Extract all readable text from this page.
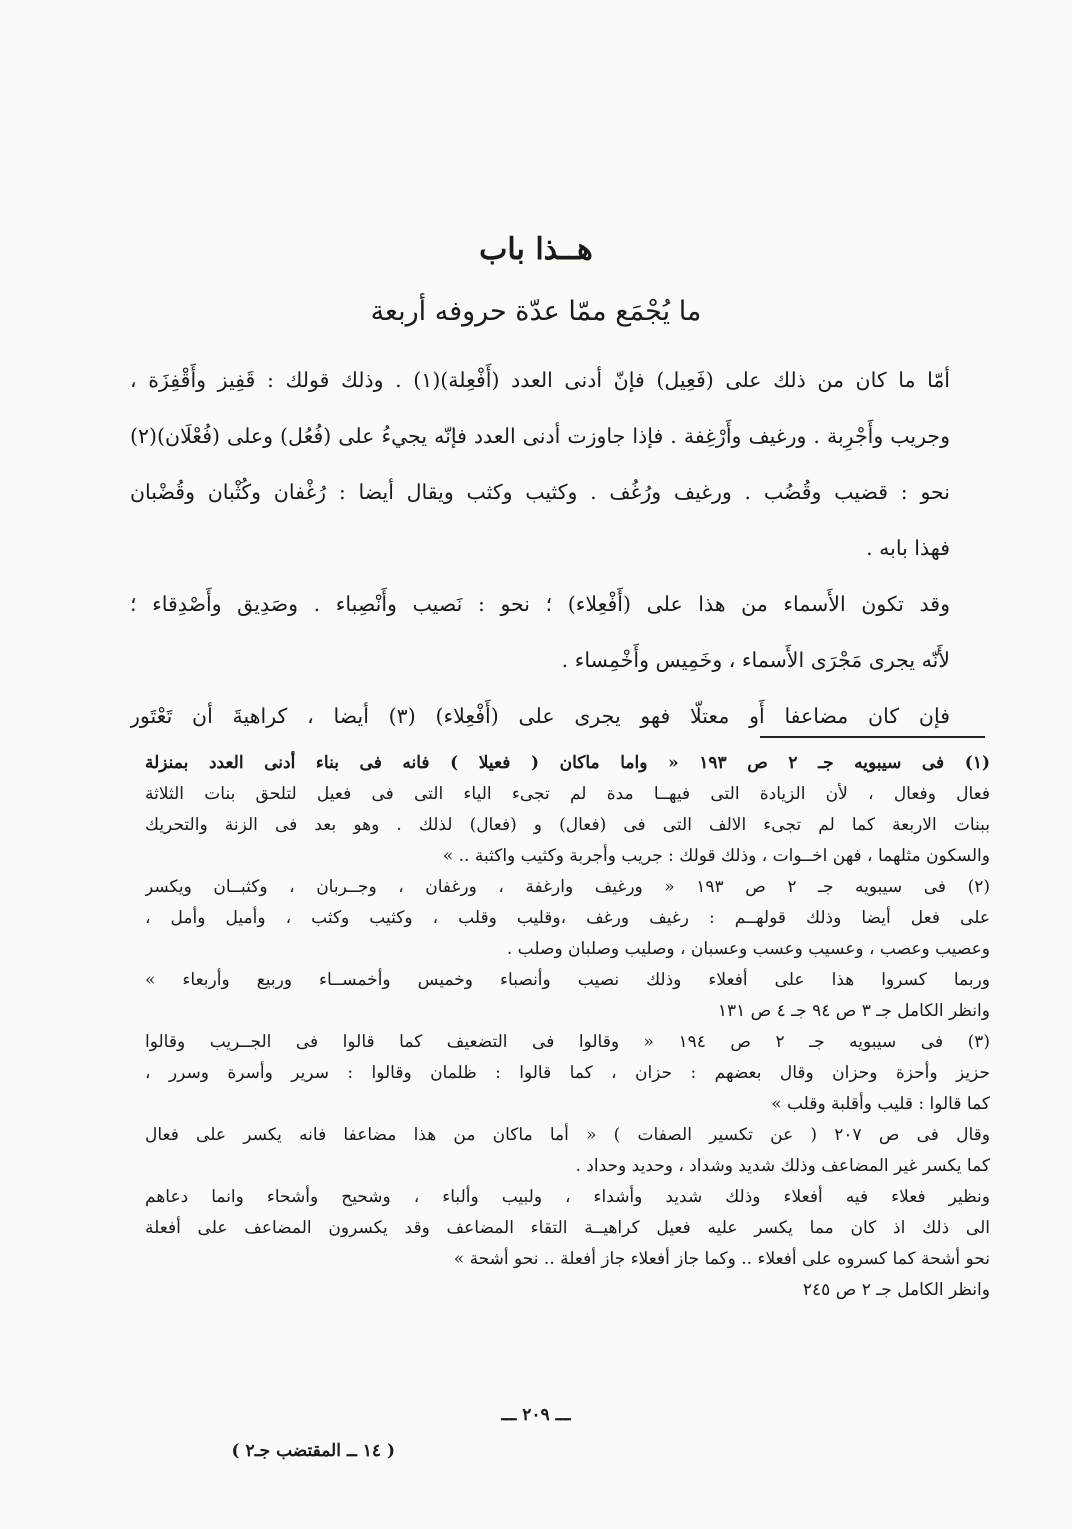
هــذا باب
ما يُجْمَع ممّا عدّة حروفه أربعة
أمّا ما كان من ذلك على (فَعِيل) فإنّ أدنى العدد (أَفْعِلة)(١) . وذلك قولك : قَفِيز وأَقْفِزَة ،
وجريب وأَجْرِبة . ورغيف وأَرْغِفة . فإذا جاوزت أدنى العدد فإنّه يجيءُ على (فُعُل) وعلى (فُعْلَان)(٢)
نحو : قضيب وقُضُب . ورغيف ورُغُف . وكثيب وكثب ويقال أيضا : رُغْفان وكُثْبان وقُضْبان
فهذا بابه .
وقد تكون الأَسماء من هذا على (أَفْعِلاء) ؛ نحو : نَصيب وأَنْصِباء . وصَدِيق وأَصْدِقاء ؛
لأَنّه يجرى مَجْرَى الأَسماء ، وخَمِيس وأَخْمِساء .
فإن كان مضاعفا أَو معتلّا فهو يجرى على (أَفْعِلاء) (٣) أيضا ، كراهيةَ أن تَعْتَور
(١) فى سيبويه جـ ٢ ص ١٩٣ « واما ماكان ( فعيلا ) فانه فى بناء أدنى العدد بمنزلة
فعال وفعال ، لأن الزيادة التى فيهــا مدة لم تجىء الياء التى فى فعيل لتلحق بنات الثلاثة
ببنات الاربعة كما لم تجىء الالف التى فى (فعال) و (فعال) لذلك . وهو بعد فى الزنة والتحريك
والسكون مثلهما ، فهن اخــوات ، وذلك قولك : جريب وأجربة وكثيب واكثبة .. »
(٢) فى سيبويه جـ ٢ ص ١٩٣ « ورغيف وارغفة ، ورغفان ، وجــربان ، وكثبــان ويكسر
على فعل أيضا وذلك قولهــم : رغيف ورغف ،وقليب وقلب ، وكثيب وكثب ، وأميل وأمل ،
وعصيب وعصب ، وعسيب وعسب وعسبان ، وصليب وصلبان وصلب .
وربما كسروا هذا على أفعلاء وذلك نصيب وأنصباء وخميس وأخمســاء وربيع وأربعاء »
وانظر الكامل جـ ٣ ص ٩٤ جـ ٤ ص ١٣١
(٣) فى سيبويه جـ ٢ ص ١٩٤ « وقالوا فى التضعيف كما قالوا فى الجــريب وقالوا
حزيز وأحزة وحزان وقال بعضهم : حزان ، كما قالوا : ظلمان وقالوا : سرير وأسرة وسرر ،
كما قالوا : قليب وأقلبة وقلب »
وقال فى ص ٢٠٧ ( عن تكسير الصفات ) « أما ماكان من هذا مضاعفا فانه يكسر على فعال
كما يكسر غير المضاعف وذلك شديد وشداد ، وحديد وحداد .
ونظير فعلاء فيه أفعلاء وذلك شديد وأشداء ، ولبيب وألباء ، وشحيح وأشحاء وانما دعاهم
الى ذلك اذ كان مما يكسر عليه فعيل كراهيــة التقاء المضاعف وقد يكسرون المضاعف على أفعلة
نحو أشحة كما كسروه على أفعلاء .. وكما جاز أفعلاء جاز أفعلة .. نحو أشحة »
وانظر الكامل جـ ٢ ص ٢٤٥
ـــ ٢٠٩ ـــ
( ١٤ ــ المقتضب جـ٢ )
